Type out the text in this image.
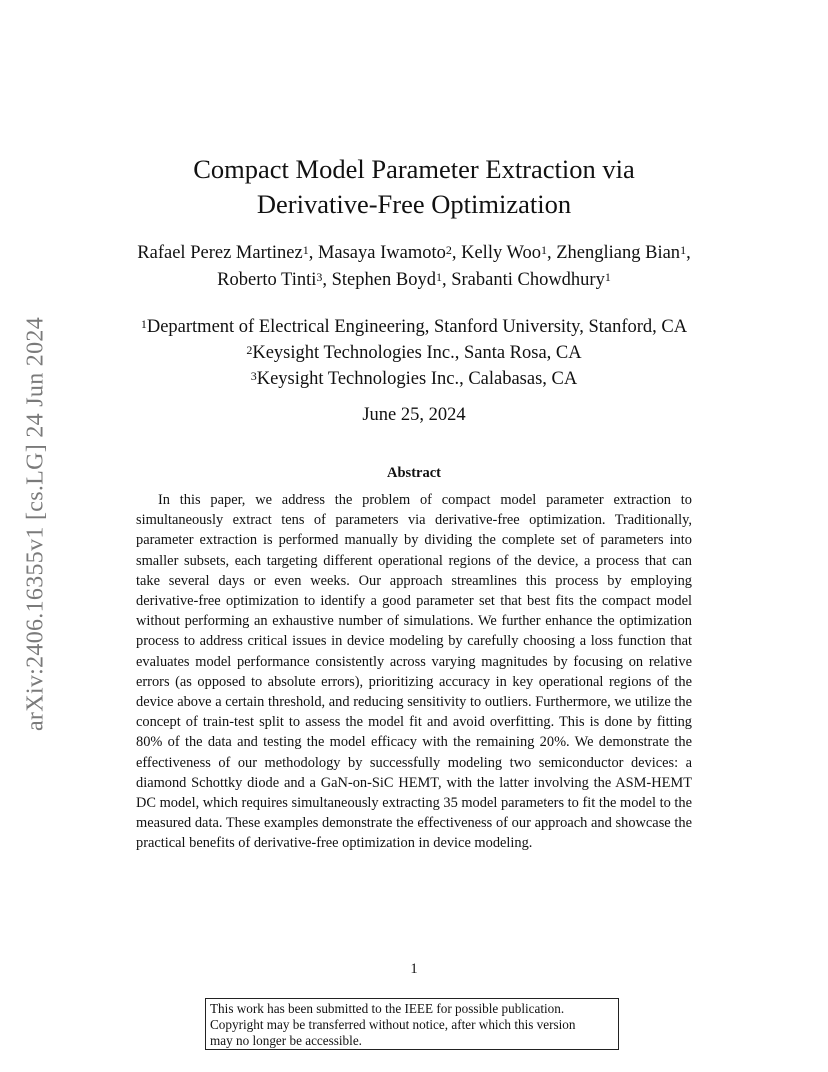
arXiv:2406.16355v1 [cs.LG] 24 Jun 2024
Compact Model Parameter Extraction via
Derivative-Free Optimization
Rafael Perez Martinez$^1$, Masaya Iwamoto$^2$, Kelly Woo$^1$, Zhengliang Bian$^1$,
Roberto Tinti$^3$, Stephen Boyd$^1$, Srabanti Chowdhury$^1$
$^1$Department of Electrical Engineering, Stanford University, Stanford, CA
$^2$Keysight Technologies Inc., Santa Rosa, CA
$^3$Keysight Technologies Inc., Calabasas, CA
June 25, 2024
Abstract
In this paper, we address the problem of compact model parameter extraction to simultaneously extract tens of parameters via derivative-free optimization. Traditionally, parameter extraction is performed manually by dividing the complete set of parameters into smaller subsets, each targeting different operational regions of the device, a process that can take several days or even weeks. Our approach streamlines this process by employing derivative-free optimization to identify a good parameter set that best fits the compact model without performing an exhaustive number of simulations. We further enhance the optimization process to address critical issues in device modeling by carefully choosing a loss function that evaluates model performance consistently across varying magnitudes by focusing on relative errors (as opposed to absolute errors), prioritizing accuracy in key operational regions of the device above a certain threshold, and reducing sensitivity to outliers. Furthermore, we utilize the concept of train-test split to assess the model fit and avoid overfitting. This is done by fitting 80% of the data and testing the model efficacy with the remaining 20%. We demonstrate the effectiveness of our methodology by successfully modeling two semiconductor devices: a diamond Schottky diode and a GaN-on-SiC HEMT, with the latter involving the ASM-HEMT DC model, which requires simultaneously extracting 35 model parameters to fit the model to the measured data. These examples demonstrate the effectiveness of our approach and showcase the practical benefits of derivative-free optimization in device modeling.
1
This work has been submitted to the IEEE for possible publication.
Copyright may be transferred without notice, after which this version
may no longer be accessible.
